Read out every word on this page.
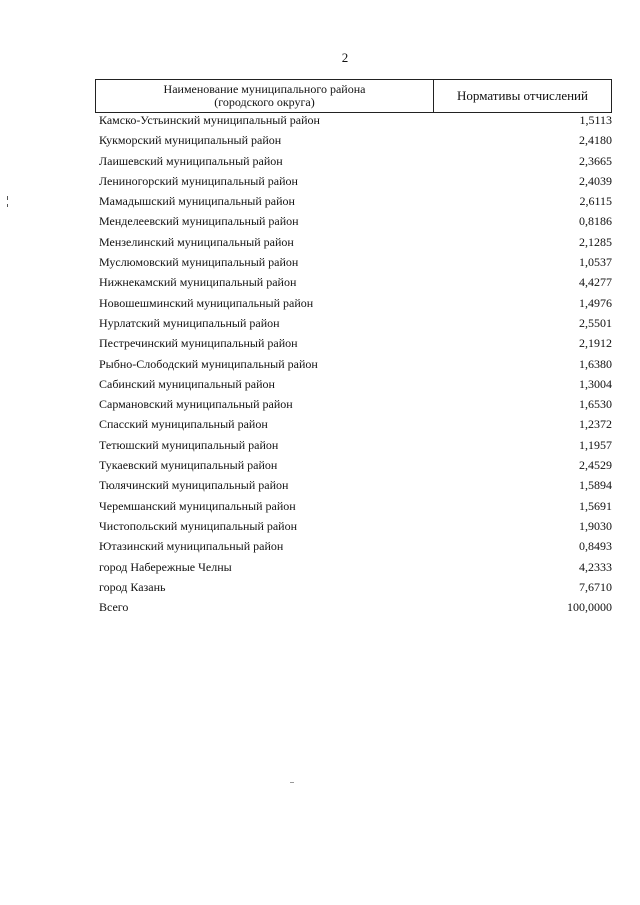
2
Наименование муниципального района
(городского округа)	Нормативы отчислений
Камско-Устьинский муниципальный район	1,5113
Кукморский муниципальный район	2,4180
Лаишевский муниципальный район	2,3665
Лениногорский муниципальный район	2,4039
Мамадышский муниципальный район	2,6115
Менделеевский муниципальный район	0,8186
Мензелинский муниципальный район	2,1285
Муслюмовский муниципальный район	1,0537
Нижнекамский муниципальный район	4,4277
Новошешминский муниципальный район	1,4976
Нурлатский муниципальный район	2,5501
Пестречинский муниципальный район	2,1912
Рыбно-Слободский муниципальный район	1,6380
Сабинский муниципальный район	1,3004
Сармановский муниципальный район	1,6530
Спасский муниципальный район	1,2372
Тетюшский муниципальный район	1,1957
Тукаевский муниципальный район	2,4529
Тюлячинский муниципальный район	1,5894
Черемшанский муниципальный район	1,5691
Чистопольский муниципальный район	1,9030
Ютазинский муниципальный район	0,8493
город Набережные Челны	4,2333
город Казань	7,6710
Всего	100,0000
